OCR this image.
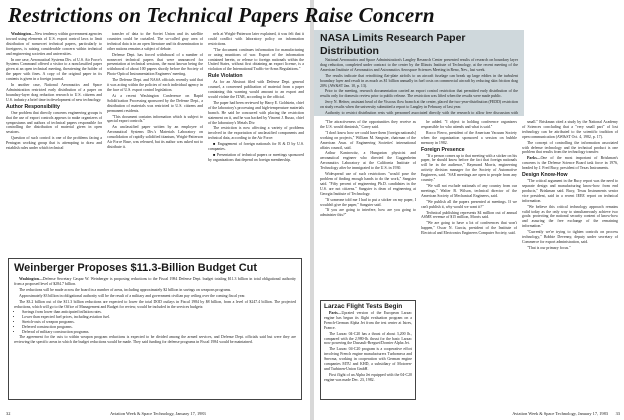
Restrictions on Technical Papers Raise Concern

Washington—New tendency within government agencies toward using elements of U.S. export control laws to limit distribution of nonsecret technical papers, particularly to foreigners, is raising considerable concern within technical and engineering societies and universities.

In one case, Aeronautical Systems Div. of U.S. Air Force's Systems Command offered a visitor to a nonclassified paper given at an open technical meeting, threatening the holder of the paper with fines. A copy of the original paper in its contents is given in a foreign journal.

In another case, National Aeronautics and Space Administration restricted early distribution of a paper on boundary-layer drag reduction research to U.S. citizens and U.S. industry a brief time in development of new technology.

Author Responsibility

One problem that directly concerns engineering groups is that the use of export controls appears to make organizers of symposiums and authors of technical papers responsible for controlling the distribution of material given in open sessions.

Question of such control is one of the problems facing a Pentagon working group that is attempting to draw and establish rules under which technical

transfer of data to the Soviet Union and its satellite countries could be curtailed. The so-called gray area of technical data is in an open literature and its dissemination to other nations remains a subject of debate.

Defense Dept. has forced withdrawal of a number of nonsecret technical papers that were announced for presentation at technical sessions, the most known being the withdrawal of about 100 papers shortly before the Society of Photo-Optical Instrumentation Engineers' meeting.

The Defense Dept. and NASA officials recently said that it was acting within the policies of each individual agency in the face of U.S. export control legislation.

At a recent Washington Conference on Rapid Solidification Processing sponsored by the Defense Dept., a distribution of materials was restricted to U.S. citizens and permanent residents.

"This document contains information which is subject to special export controls."

An unclassified paper written by an employee of Aeronautical Systems Div.'s Materials Laboratory on consolidation of rapidly solidified titanium, Wright-Patterson Air Force Base, was released, but its author was asked not to distribute it.

nels at Wright-Patterson later explained, it was felt that it could conflict with laboratory policy on information restrictions.

"The document continues information for manufacturing or using munitions of war. Export of the information contained herein, or release to foreign nationals within the United States, without first obtaining an export license, is a violation of the International Traffic-in-Arms Regulations."

Rule Violation

As for an Abstract filed with Defense Dept. general counsel, a concerned publication of material from a paper containing this warning would amount to an export and would violate the ITAR, according to the official.

The paper had been reviewed by Harry E. Goldstein, chief of the laboratory's processing and high-temperature materials branch. He said he concurred with placing the restriction statement on it, and he was backed by Vincent J. Russo, chief of the laboratory's Metals Div.

The restriction is now affecting a variety of problems involved in the exportation of unclassified components and technical data, according to the Air Force:

■ Engagement of foreign nationals for R & D by U.S. companies.

■ Presentation of technical papers or meetings sponsored by organizations that depend on foreign membership.

Weinberger Proposes $11.3-Billion Budget Cut

Washington—Defense Secretary Caspar W. Weinberger is proposing reductions to the Fiscal 1984 Defense Dept. budget totaling $11.3 billion in total obligational authority from a proposed level of $284.7 billion.

The reductions will be made across the board in a number of areas, including approximately $2 billion in savings on weapons programs.

Approximately $3 billion in obligational authority will be the result of a military and government civilian pay ceiling over the coming fiscal year.

The $3.2 billion out of the $11.3 billion reductions are expected to lower the total DOD outlays in Fiscal 1984 by $8 billion, from a level of $247.4 billion. The projected reductions, which will go to the Office of Management and Budget for review, would be included in the services budgets:

• Savings from lower than anticipated inflation rates.
• Lower than expected fuel prices, including aviation fuel.
• Stretch-outs of weapon programs.
• Deferred construction programs.
• Deferral of military construction programs.

The agreement for the cuts to within weapon program reductions is expected to be divided among the armed services, and Defense Dept. officials said but were they are reviewing the specific areas in which the budget reductions would be made. They said funding for defense programs in Fiscal 1984 would be maintained.

32	Aviation Week & Space Technology, January 17, 1983
NASA Limits Research Paper Distribution

National Aeronautics and Space Administration's Langley Research Center presented results of research on boundary layer drag reduction, completed under contract to the center by the Illinois Institute of Technology, at the recent meeting of the American Institute of Aeronautics and Astronautics Aerospace Sciences Meeting in Reno, Nev., last week.

The results indicate that retrofitting flat-plate airfoils to an aircraft fuselage can break up large eddies in the turbulent boundary layer and result in as much as $1 billion annually in fuel costs on commercial aircraft by reducing skin friction drag 20% (AW&ST Jan. 10, p. 13).

Prior to the meeting, research documentation carried an export control restriction that permitted early distribution of the results only for domestic review prior to public release. The restriction was lifted when the results were made public.

Jerry N. Hefner, assistant head of the Viscous flow branch at the center, placed the two-year-distribution (FEDD) restriction on study results when the university submitted a report to Langley in February of last year.

Authority to restrict distribution rests with personnel associated directly with the research to allow free discussion with

"The attractiveness of the opportunities they receive as the U.S. would diminish," Carey said.

"I don't know how we could have them [foreign nationals] working on projects," William M. Sangster, chairman of the American Assn. of Engineering Societies' international affairs council, said.

Arthur Kantrowitz, a Hungarian physicist and aeronautical engineer who directed the Guggenheim Aeronautics Laboratory at the California Institute of Technology after he immigrated to the U.S. in 1930.

Widespread use of such restrictions "would pose the problem of finding enough hands to do the work," Sangster said. "Fifty percent of engineering Ph.D. candidates in the U.S. are not citizens." Sangster is dean of engineering at Georgia Institute of Technology.

"If someone told me I had to put a sticker on my paper, I wouldn't give the paper," Sangster said.

"If you are going to interfere, how are you going to administer this?"

he added. "I object to holding conference organizers responsible for who attends and what is said."

Rocco Fierro, president of the American Vacuum Society when the organization sponsored a session on bubble memory in 1982.

Foreign Presence

"If a person comes up to that meeting with a sticker on his paper, he should know before the fact that foreign nationals will be in the audience," Raymond Morris, engineering activity division manager for the Society of Automotive Engineers, said. "SAE meetings are open to people from any country."

"We will not exclude nationals of any country from our meetings," Walter B. Wilson, technical director of the American Society of Mechanical Engineers, said.

"We publish all the papers presented at meetings. If we can't publish it, why would we want it?"

Technical publishing represents $4 million out of annual ASME revenue of $15 million, Morris said.

"We are going to have a lot of conferences that won't happen," Oscar N. Garcia, president of the Institute of Electrical and Electronics Engineers Computer Society, said.

small." Briskman cited a study by the National Academy of Sciences concluding that a "very small part" of lost technology can be attributed to the scientific tradition of open communication (AW&ST Oct. 4, 1982, p. 17).

The concept of controlling the information associated with defense technology and the technical product is one problem that results from the technology transfer.

Parks—One of the most important of Briskman's concerns is the Defense Science Board task force in 1976, headed by J. Fred Bucy, president of Texas Instruments.

Design Know-How

"The critical argument in the Bucy report was the need to separate design and manufacturing know-how from end products," Briskman said. Bucy, Texas Instruments senior vice president, said in a recent IEEE report on technical information.

"We believe this critical technology approach remains valid today as the only way to simultaneously achieve two goals: protecting the national security content of know-how and assuring the free exchange of the remaining information."

"Currently we're trying to tighten controls on process technology," Bobbie Devenny, deputy under secretary of Commerce for export administration, said.

"That is our primary focus."

Larzac Flight Tests Begin

Paris—Uprated version of the European Larzac engine has begun its flight evaluation program on a French-German Alpha Jet from the test center at Istres, France.

The Larzac 04-C20 has a thrust of about 3,200 lb., compared with the 2,980-lb. thrust for the basic Larzac now powering the Dassault-Breguet/Dornier Alpha Jet.

The Larzac 04-C20 program is a cooperative effort involving French engine manufacturers Turbomeca and Snecma, working in cooperation with German engine companies MTU and KHD, a subsidiary of Motoren- und Turbinen-Union GmbH.

First flight of an Alpha Jet equipped with the 04-C20 engine was made Dec. 23, 1982.

Aviation Week & Space Technology, January 17, 1983 33
